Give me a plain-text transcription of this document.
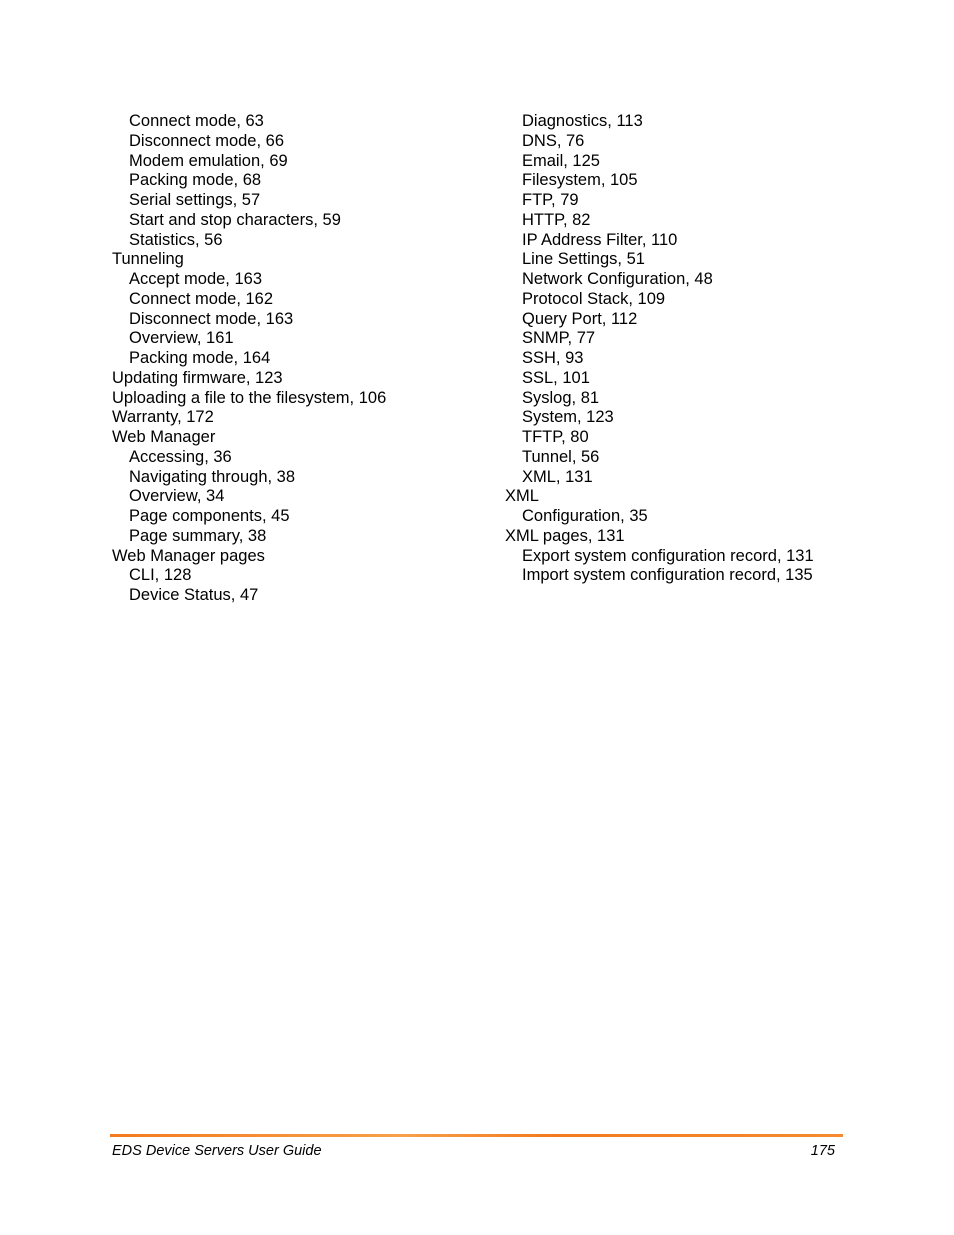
Connect mode, 63
Disconnect mode, 66
Modem emulation, 69
Packing mode, 68
Serial settings, 57
Start and stop characters, 59
Statistics, 56
Tunneling
Accept mode, 163
Connect mode, 162
Disconnect mode, 163
Overview, 161
Packing mode, 164
Updating firmware, 123
Uploading a file to the filesystem, 106
Warranty, 172
Web Manager
Accessing, 36
Navigating through, 38
Overview, 34
Page components, 45
Page summary, 38
Web Manager pages
CLI, 128
Device Status, 47
Diagnostics, 113
DNS, 76
Email, 125
Filesystem, 105
FTP, 79
HTTP, 82
IP Address Filter, 110
Line Settings, 51
Network Configuration, 48
Protocol Stack, 109
Query Port, 112
SNMP, 77
SSH, 93
SSL, 101
Syslog, 81
System, 123
TFTP, 80
Tunnel, 56
XML, 131
XML
Configuration, 35
XML pages, 131
Export system configuration record, 131
Import system configuration record, 135
EDS Device Servers User Guide	175
